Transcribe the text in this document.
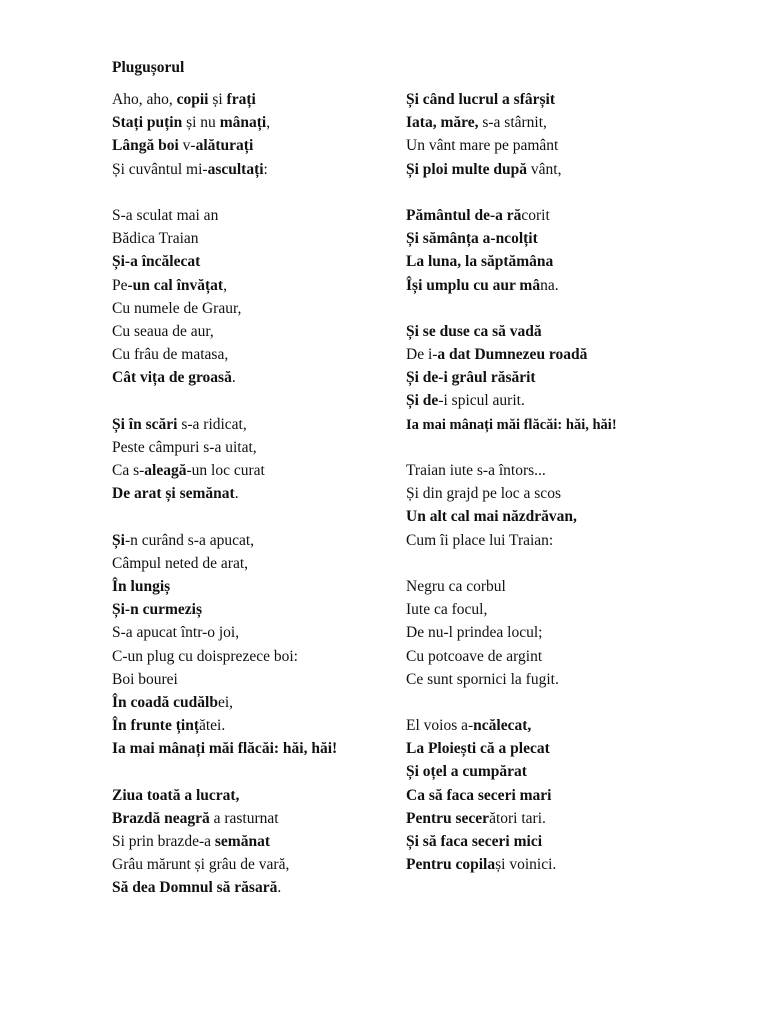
Plugușorul
Aho, aho, copii și frați
Stați puțin și nu mânați,
Lângă boi v-alăturați
Și cuvântul mi-ascultați:
S-a sculat mai an
Bădica Traian
Și-a încălecat
Pe-un cal învățat,
Cu numele de Graur,
Cu seaua de aur,
Cu frâu de matasa,
Cât vița de groasă.
Și în scări s-a ridicat,
Peste câmpuri s-a uitat,
Ca s-aleagă-un loc curat
De arat și semănat.
Și-n curând s-a apucat,
Câmpul neted de arat,
În lungiș
Și-n curmeziș
S-a apucat într-o joi,
C-un plug cu doisprezece boi:
Boi bourei
În coadă cudălbei,
În frunte țințătei.
Ia mai mânați măi flăcăi: hăi, hăi!
Ziua toată a lucrat,
Brazdă neagră a rasturnat
Si prin brazde-a semănat
Grâu mărunt și grâu de vară,
Să dea Domnul să răsară.
Și când lucrul a sfârșit
Iata, măre, s-a stârnit,
Un vânt mare pe pamânt
Și ploi multe după vânt,
Pământul de-a răcorit
Și sămânța a-ncolțit
La luna, la săptămâna
Își umplu cu aur mâna.
Și se duse ca să vadă
De i-a dat Dumnezeu roadă
Și de-i grâul răsărit
Și de-i spicul aurit.
Ia mai mânați măi flăcăi: hăi, hăi!
Traian iute s-a întors...
Și din grajd pe loc a scos
Un alt cal mai năzdrăvan,
Cum îi place lui Traian:
Negru ca corbul
Iute ca focul,
De nu-l prindea locul;
Cu potcoave de argint
Ce sunt spornici la fugit.
El voios a-ncălecat,
La Ploiești că a plecat
Și oțel a cumpărat
Ca să faca seceri mari
Pentru secerători tari.
Și să faca seceri mici
Pentru copilași voinici.
